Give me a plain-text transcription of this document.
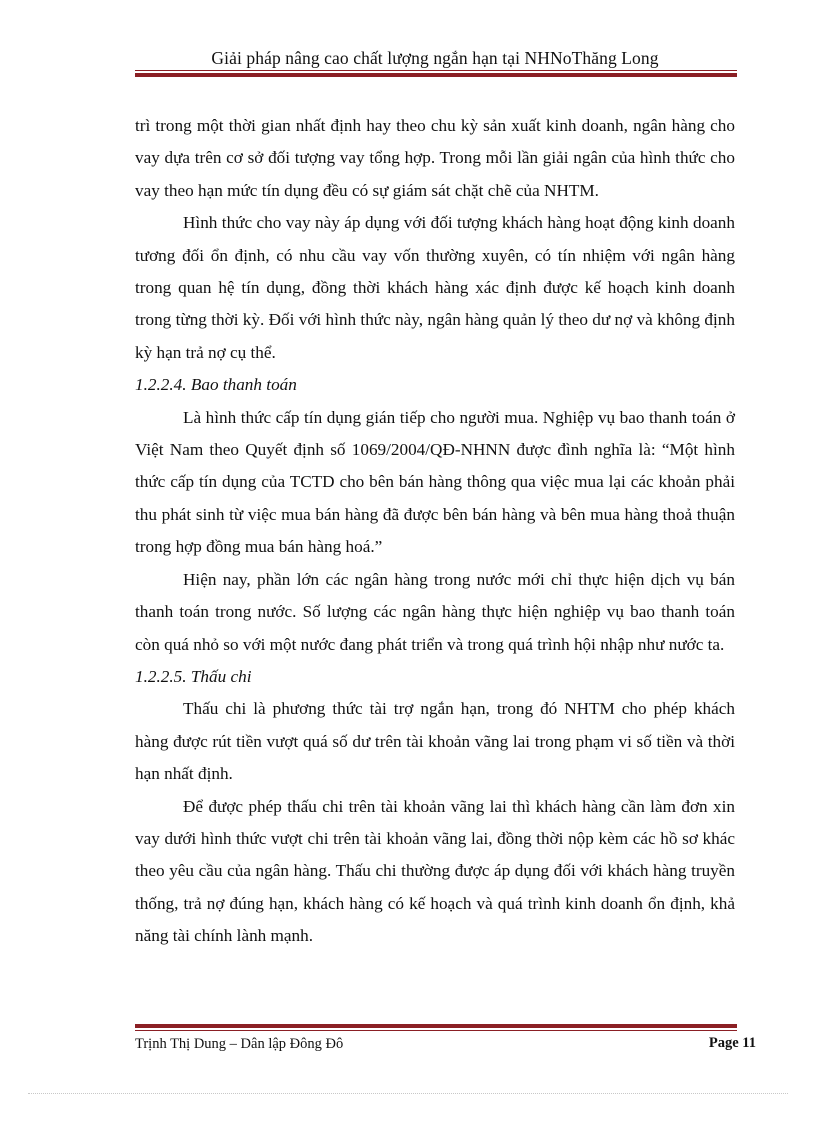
Giải pháp nâng cao chất lượng ngắn hạn tại NHNoThăng Long

trì trong một thời gian nhất định hay theo chu kỳ sản xuất kinh doanh, ngân hàng cho vay dựa trên cơ sở đối tượng vay tổng hợp. Trong mỗi lần giải ngân của hình thức cho vay theo hạn mức tín dụng đều có sự giám sát chặt chẽ của NHTM.

Hình thức cho vay này áp dụng với đối tượng khách hàng hoạt động kinh doanh tương đối ổn định, có nhu cầu vay vốn thường xuyên, có tín nhiệm với ngân hàng trong quan hệ tín dụng, đồng thời khách hàng xác định được kế hoạch kinh doanh trong từng thời kỳ. Đối với hình thức này, ngân hàng quản lý theo dư nợ và không định kỳ hạn trả nợ cụ thể.

1.2.2.4. Bao thanh toán

Là hình thức cấp tín dụng gián tiếp cho người mua. Nghiệp vụ bao thanh toán ở Việt Nam theo Quyết định số 1069/2004/QĐ-NHNN được đình nghĩa là: “Một hình thức cấp tín dụng của TCTD cho bên bán hàng thông qua việc mua lại các khoản phải thu phát sinh từ việc mua bán hàng đã được bên bán hàng và bên mua hàng thoả thuận trong hợp đồng mua bán hàng hoá.”

Hiện nay, phần lớn các ngân hàng trong nước mới chỉ thực hiện dịch vụ bán thanh toán trong nước. Số lượng các ngân hàng thực hiện nghiệp vụ bao thanh toán còn quá nhỏ so với một nước đang phát triển và trong quá trình hội nhập như nước ta.

1.2.2.5. Thấu chi

Thấu chi là phương thức tài trợ ngắn hạn, trong đó NHTM cho phép khách hàng được rút tiền vượt quá số dư trên tài khoản vãng lai trong phạm vi số tiền và thời hạn nhất định.

Để được phép thấu chi trên tài khoản vãng lai thì khách hàng cần làm đơn xin vay dưới hình thức vượt chi trên tài khoản vãng lai, đồng thời nộp kèm các hồ sơ khác theo yêu cầu của ngân hàng. Thấu chi thường được áp dụng đối với khách hàng truyền thống, trả nợ đúng hạn, khách hàng có kế hoạch và quá trình kinh doanh ổn định, khả năng tài chính lành mạnh.

Trịnh Thị Dung – Dân lập Đông Đô	Page 11
